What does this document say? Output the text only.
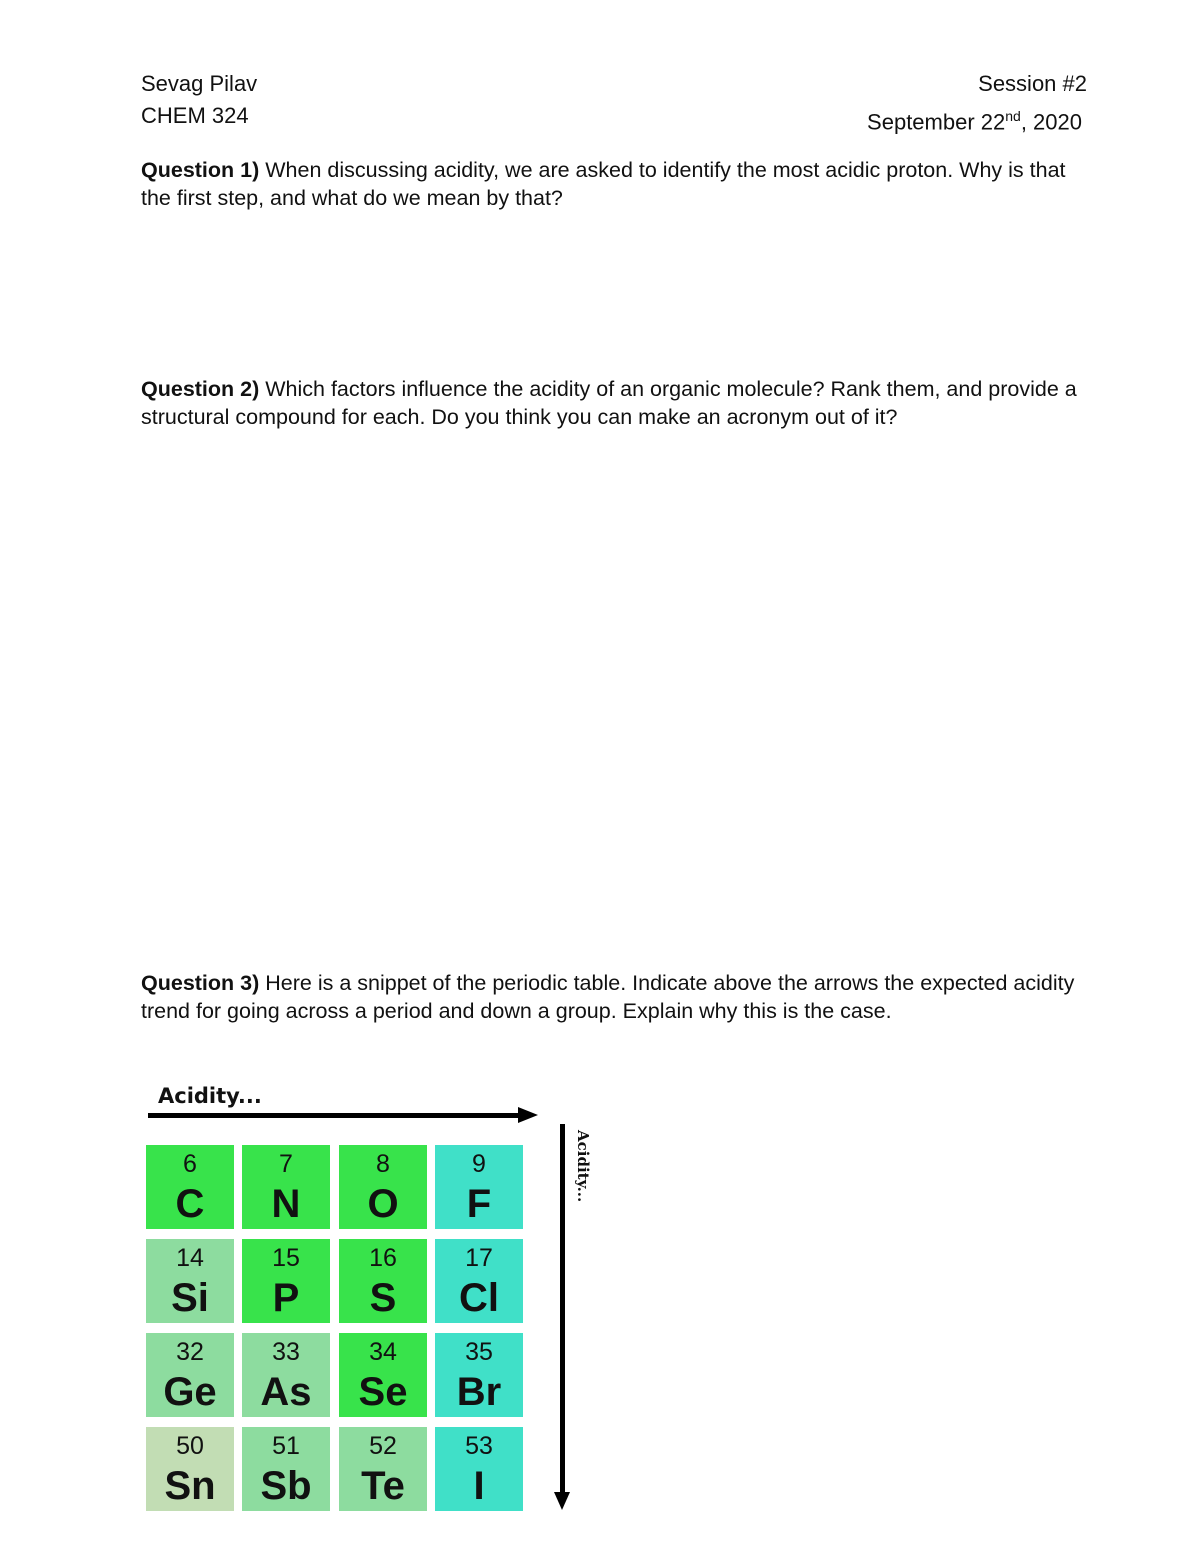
Sevag Pilav
CHEM 324
Session #2
September 22nd, 2020
Question 1) When discussing acidity, we are asked to identify the most acidic proton. Why is that the first step, and what do we mean by that?
Question 2) Which factors influence the acidity of an organic molecule? Rank them, and provide a structural compound for each. Do you think you can make an acronym out of it?
Question 3) Here is a snippet of the periodic table. Indicate above the arrows the expected acidity trend for going across a period and down a group. Explain why this is the case.
Acidity...
Acidity...
6
C
7
N
8
O
9
F
14
Si
15
P
16
S
17
Cl
32
Ge
33
As
34
Se
35
Br
50
Sn
51
Sb
52
Te
53
I
